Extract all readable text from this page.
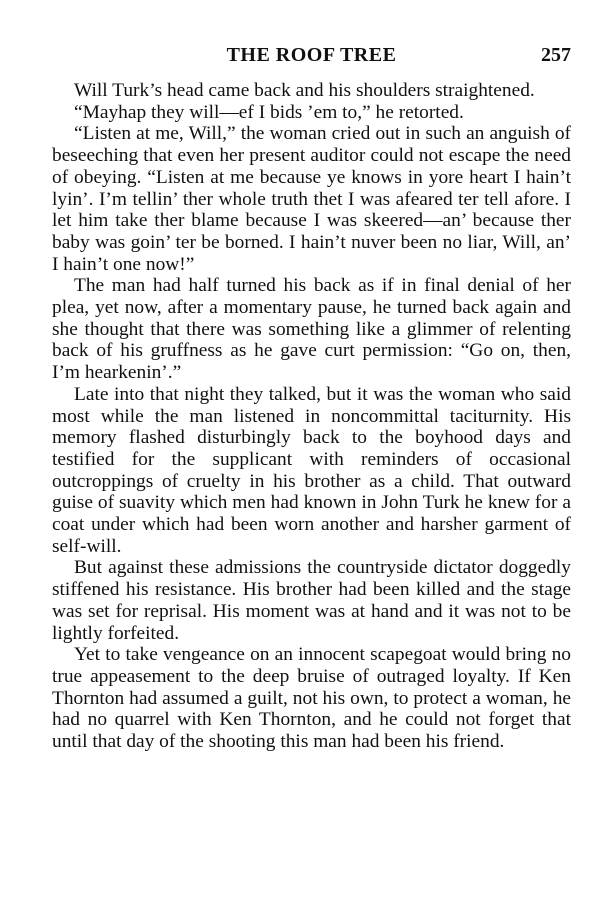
THE ROOF TREE	257

Will Turk’s head came back and his shoulders straightened.

“Mayhap they will—ef I bids ’em to,” he retorted.

“Listen at me, Will,” the woman cried out in such an anguish of beseeching that even her present auditor could not escape the need of obeying. “Listen at me because ye knows in yore heart I hain’t lyin’. I’m tellin’ ther whole truth thet I was afeared ter tell afore. I let him take ther blame because I was skeered—an’ because ther baby was goin’ ter be borned. I hain’t nuver been no liar, Will, an’ I hain’t one now!”

The man had half turned his back as if in final denial of her plea, yet now, after a momentary pause, he turned back again and she thought that there was something like a glimmer of relenting back of his gruffness as he gave curt permission: “Go on, then, I’m hearkenin’.”

Late into that night they talked, but it was the woman who said most while the man listened in noncommittal taciturnity. His memory flashed disturbingly back to the boyhood days and testified for the supplicant with reminders of occasional outcroppings of cruelty in his brother as a child. That outward guise of suavity which men had known in John Turk he knew for a coat under which had been worn another and harsher garment of self-will.

But against these admissions the countryside dictator doggedly stiffened his resistance. His brother had been killed and the stage was set for reprisal. His moment was at hand and it was not to be lightly forfeited.

Yet to take vengeance on an innocent scapegoat would bring no true appeasement to the deep bruise of outraged loyalty. If Ken Thornton had assumed a guilt, not his own, to protect a woman, he had no quarrel with Ken Thornton, and he could not forget that until that day of the shooting this man had been his friend.
